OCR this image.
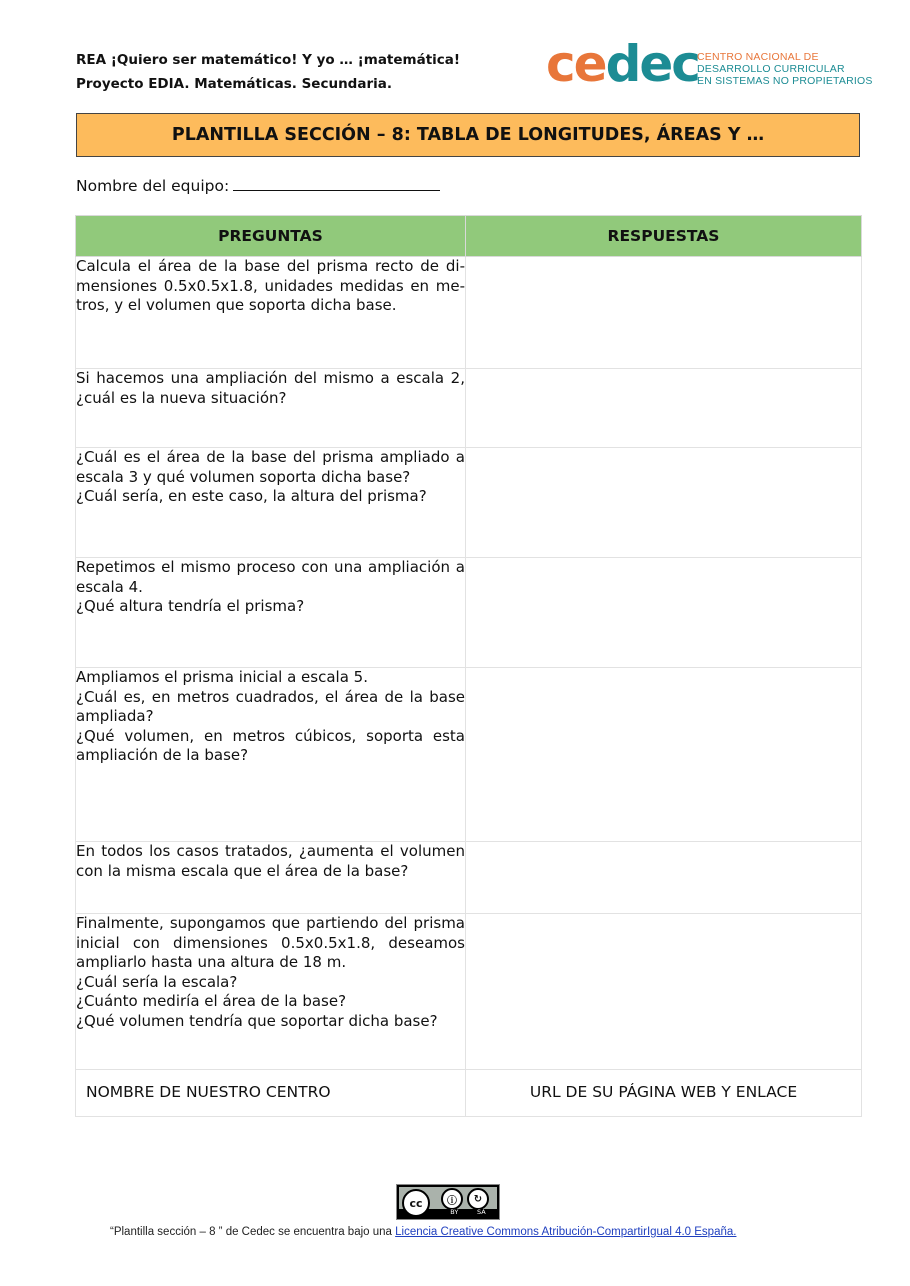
REA ¡Quiero ser matemático! Y yo … ¡matemática!
Proyecto EDIA. Matemáticas. Secundaria.	cedec
CENTRO NACIONAL DE
DESARROLLO CURRICULAR
EN SISTEMAS NO PROPIETARIOS
PLANTILLA SECCIÓN – 8: TABLA DE LONGITUDES, ÁREAS Y …
Nombre del equipo:
PREGUNTAS	RESPUESTAS

Calcula el área de la base del prisma recto de di-mensiones 0.5x0.5x1.8, unidades medidas en me-tros, y el volumen que soporta dicha base.	

Si hacemos una ampliación del mismo a escala 2, ¿cuál es la nueva situación?	

¿Cuál es el área de la base del prisma ampliado a escala 3 y qué volumen soporta dicha base?
¿Cuál sería, en este caso, la altura del prisma?	

Repetimos el mismo proceso con una ampliación a escala 4.
¿Qué altura tendría el prisma?	

Ampliamos el prisma inicial a escala 5.
¿Cuál es, en metros cuadrados, el área de la base ampliada?
¿Qué volumen, en metros cúbicos, soporta esta ampliación de la base?	

En todos los casos tratados, ¿aumenta el volumen con la misma escala que el área de la base?	

Finalmente, supongamos que partiendo del prisma inicial con dimensiones 0.5x0.5x1.8, deseamos ampliarlo hasta una altura de 18 m.
¿Cuál sería la escala?
¿Cuánto mediría el área de la base?
¿Qué volumen tendría que soportar dicha base?	

NOMBRE DE NUESTRO CENTRO	URL DE SU PÁGINA WEB Y ENLACE
cc	ⓘ	↻
BY	SA
“Plantilla sección – 8 ” de Cedec se encuentra bajo una Licencia Creative Commons Atribución-CompartirIgual 4.0 España.
